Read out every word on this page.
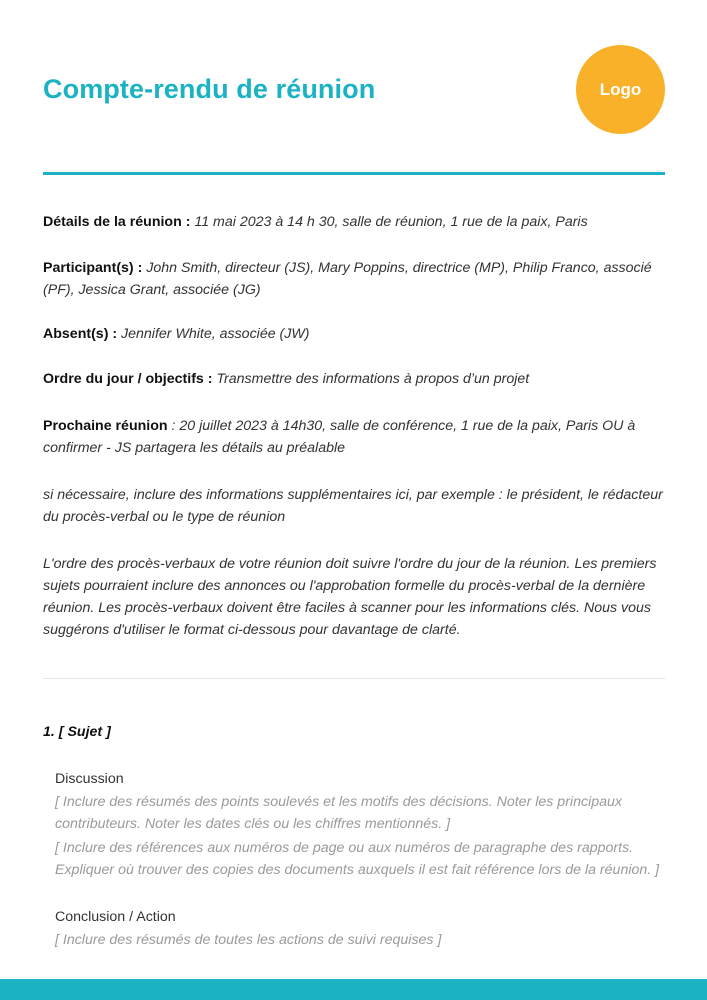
Compte-rendu de réunion	Logo

Détails de la réunion : 11 mai 2023 à 14 h 30, salle de réunion, 1 rue de la paix, Paris

Participant(s) : John Smith, directeur (JS), Mary Poppins, directrice (MP), Philip Franco, associé (PF), Jessica Grant, associée (JG)

Absent(s) : Jennifer White, associée (JW)

Ordre du jour / objectifs : Transmettre des informations à propos d’un projet

Prochaine réunion : 20 juillet 2023 à 14h30, salle de conférence, 1 rue de la paix, Paris OU à confirmer - JS partagera les détails au préalable

si nécessaire, inclure des informations supplémentaires ici, par exemple : le président, le rédacteur du procès-verbal ou le type de réunion

L'ordre des procès-verbaux de votre réunion doit suivre l'ordre du jour de la réunion. Les premiers sujets pourraient inclure des annonces ou l'approbation formelle du procès-verbal de la dernière réunion. Les procès-verbaux doivent être faciles à scanner pour les informations clés. Nous vous suggérons d'utiliser le format ci-dessous pour davantage de clarté.

1. [ Sujet ]

Discussion

[ Inclure des résumés des points soulevés et les motifs des décisions. Noter les principaux contributeurs. Noter les dates clés ou les chiffres mentionnés. ]

[ Inclure des références aux numéros de page ou aux numéros de paragraphe des rapports. Expliquer où trouver des copies des documents auxquels il est fait référence lors de la réunion. ]

Conclusion / Action

[ Inclure des résumés de toutes les actions de suivi requises ]
